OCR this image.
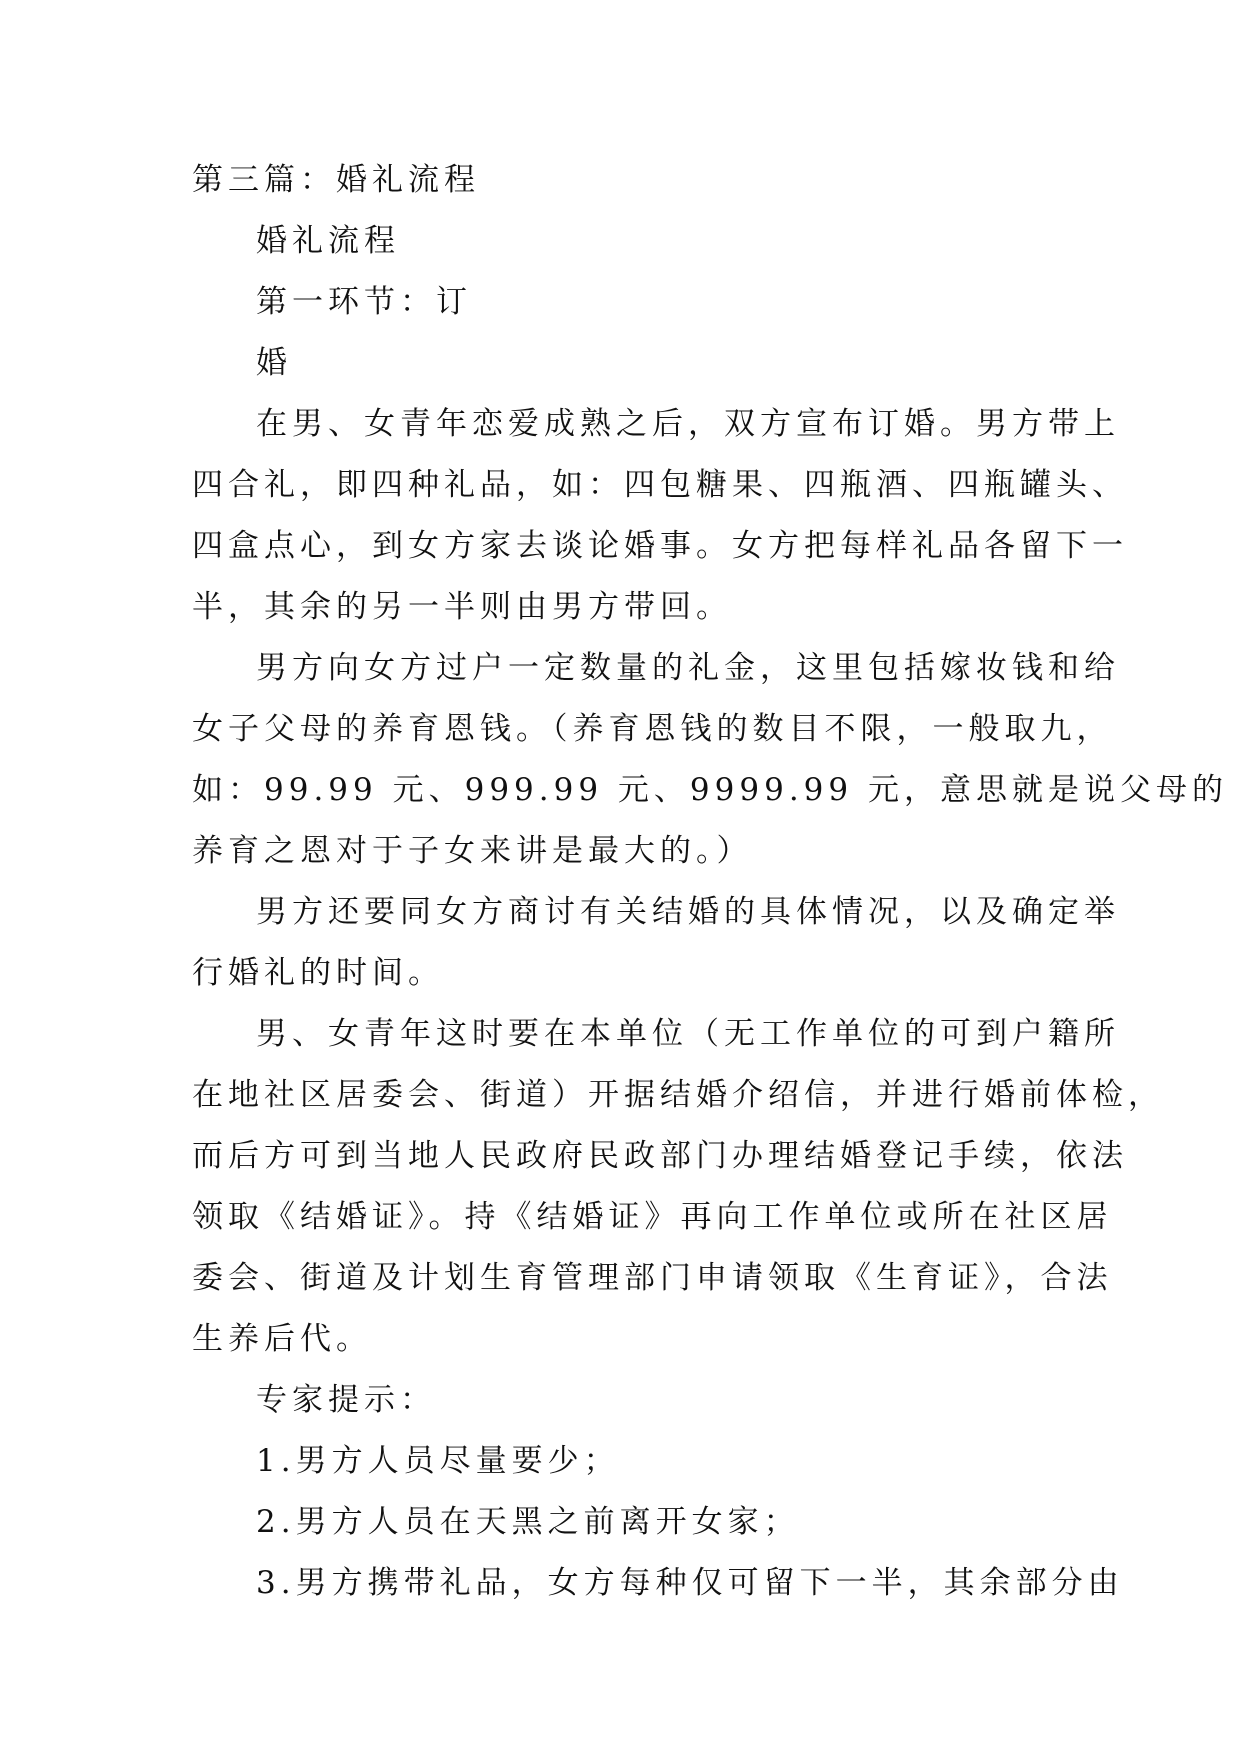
第三篇：婚礼流程
婚礼流程
第一环节：订
婚
在男、女青年恋爱成熟之后，双方宣布订婚。男方带上
四合礼，即四种礼品，如：四包糖果、四瓶酒、四瓶罐头、
四盒点心，到女方家去谈论婚事。女方把每样礼品各留下一
半，其余的另一半则由男方带回。
男方向女方过户一定数量的礼金，这里包括嫁妆钱和给
女子父母的养育恩钱。（养育恩钱的数目不限，一般取九，
如：99.99 元、999.99 元、9999.99 元，意思就是说父母的
养育之恩对于子女来讲是最大的。）
男方还要同女方商讨有关结婚的具体情况，以及确定举
行婚礼的时间。
男、女青年这时要在本单位（无工作单位的可到户籍所
在地社区居委会、街道）开据结婚介绍信，并进行婚前体检，
而后方可到当地人民政府民政部门办理结婚登记手续，依法
领取《结婚证》。持《结婚证》再向工作单位或所在社区居
委会、街道及计划生育管理部门申请领取《生育证》，合法
生养后代。
专家提示：
1.男方人员尽量要少；
2.男方人员在天黑之前离开女家；
3.男方携带礼品，女方每种仅可留下一半，其余部分由
